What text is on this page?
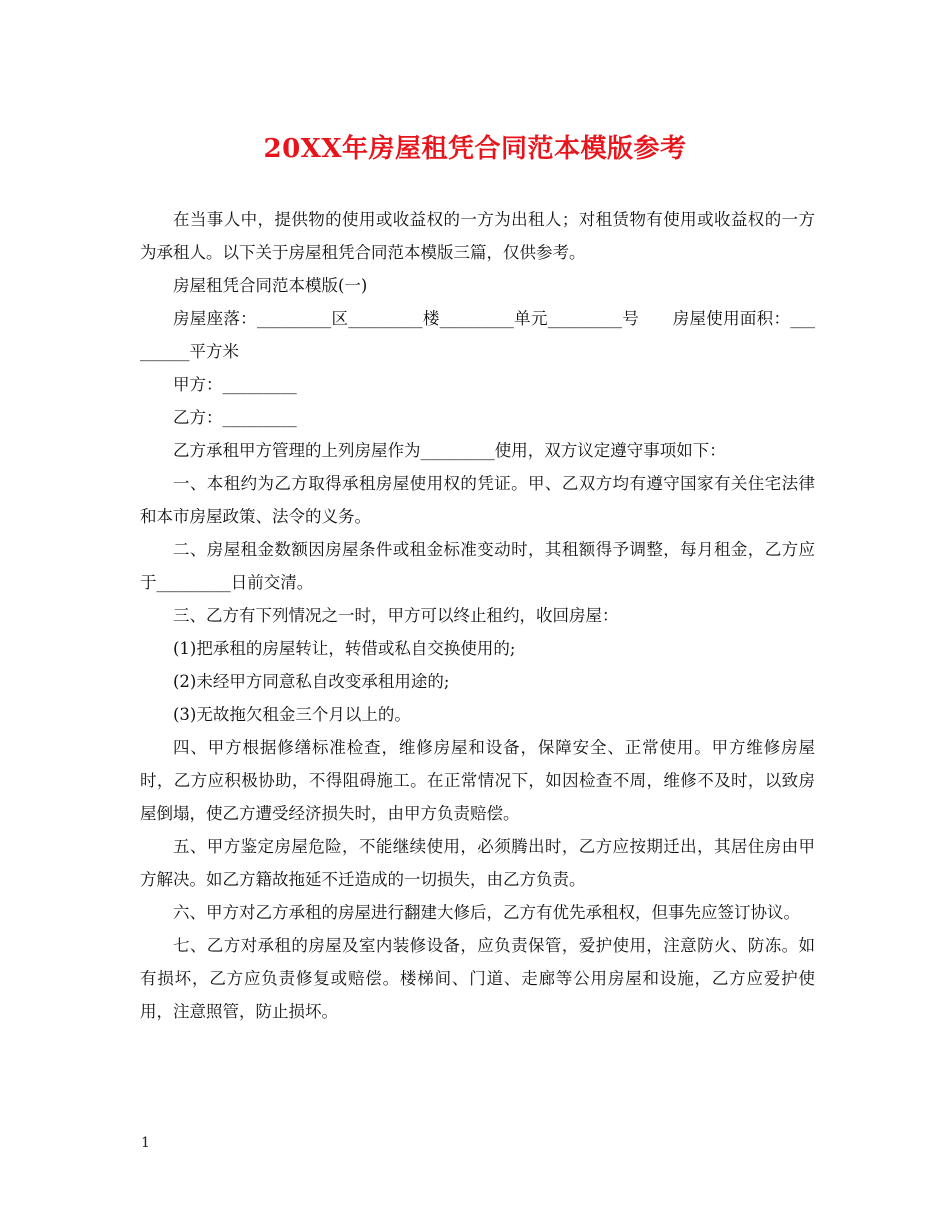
20XX年房屋租凭合同范本模版参考

在当事人中，提供物的使用或收益权的一方为出租人；对租赁物有使用或收益权的一方为承租人。以下关于房屋租凭合同范本模版三篇，仅供参考。

房屋租凭合同范本模版(一)

房屋座落：_________区_________楼_________单元_________号　　房屋使用面积：_________平方米

甲方：_________

乙方：_________

乙方承租甲方管理的上列房屋作为_________使用，双方议定遵守事项如下：

一、本租约为乙方取得承租房屋使用权的凭证。甲、乙双方均有遵守国家有关住宅法律和本市房屋政策、法令的义务。

二、房屋租金数额因房屋条件或租金标准变动时，其租额得予调整，每月租金，乙方应于_________日前交清。

三、乙方有下列情况之一时，甲方可以终止租约，收回房屋：

(1)把承租的房屋转让，转借或私自交换使用的;

(2)未经甲方同意私自改变承租用途的;

(3)无故拖欠租金三个月以上的。

四、甲方根据修缮标准检查，维修房屋和设备，保障安全、正常使用。甲方维修房屋时，乙方应积极协助，不得阻碍施工。在正常情况下，如因检查不周，维修不及时，以致房屋倒塌，使乙方遭受经济损失时，由甲方负责赔偿。

五、甲方鉴定房屋危险，不能继续使用，必须腾出时，乙方应按期迁出，其居住房由甲方解决。如乙方籍故拖延不迁造成的一切损失，由乙方负责。

六、甲方对乙方承租的房屋进行翻建大修后，乙方有优先承租权，但事先应签订协议。

七、乙方对承租的房屋及室内装修设备，应负责保管，爱护使用，注意防火、防冻。如有损坏，乙方应负责修复或赔偿。楼梯间、门道、走廊等公用房屋和设施，乙方应爱护使用，注意照管，防止损坏。

1
